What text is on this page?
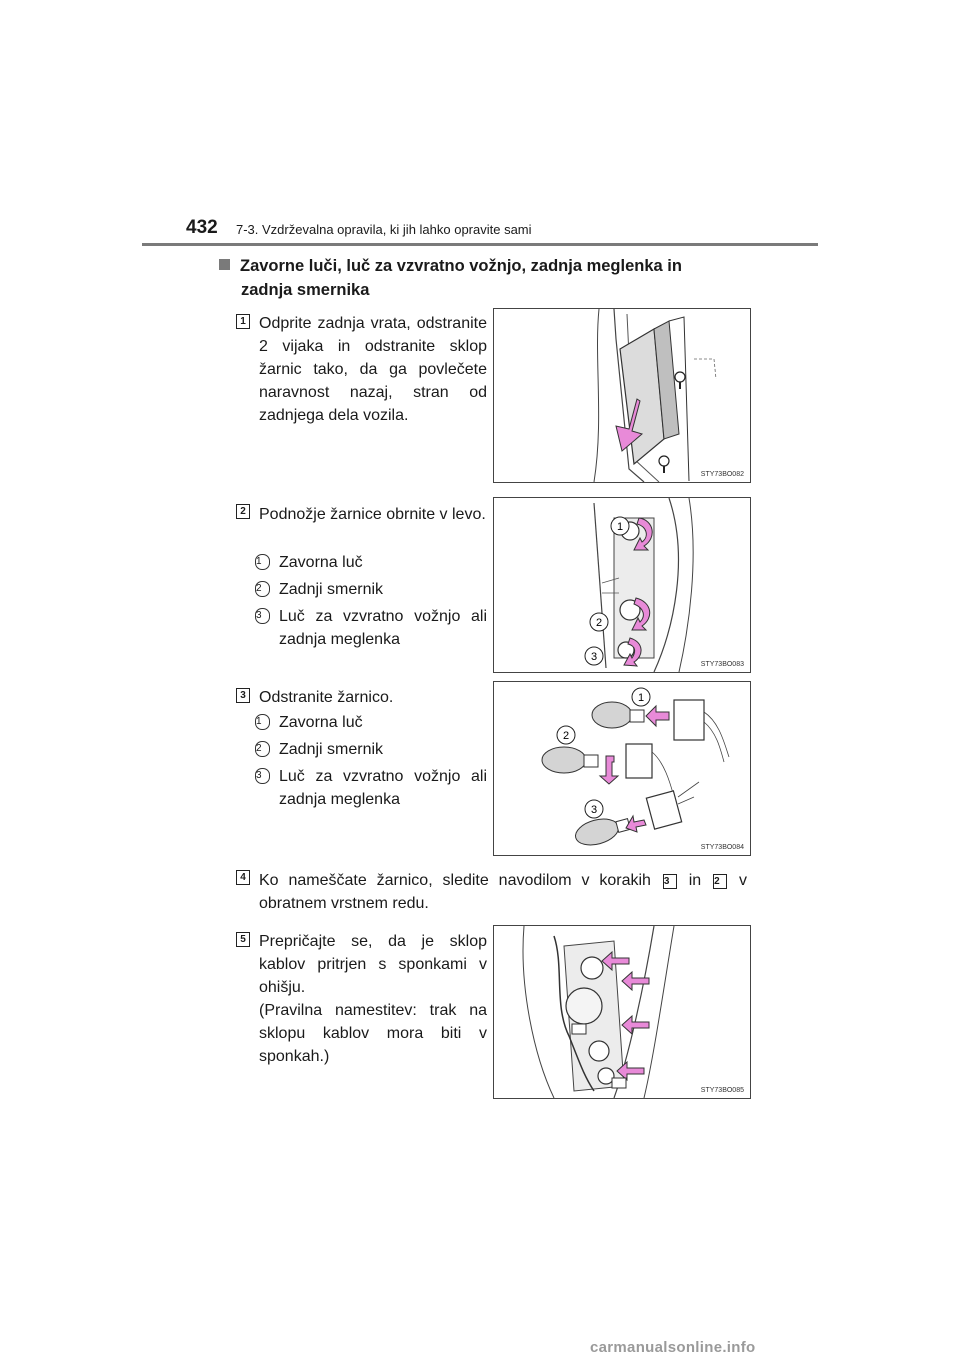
432 7-3. Vzdrževalna opravila, ki jih lahko opravite sami
Zavorne luči, luč za vzvratno vožnjo, zadnja meglenka in
zadnja smernika
1 Odprite zadnja vrata, odstranite 2 vijaka in odstranite sklop žarnic tako, da ga povlečete naravnost nazaj, stran od zadnjega dela vozila.
STY73BO082
2 Podnožje žarnice obrnite v levo.
1	Zavorna luč
2	Zadnji smernik
3	Luč za vzvratno vožnjo ali zadnja meglenka
1
2
3
STY73BO083
3 Odstranite žarnico.
1	Zavorna luč
2	Zadnji smernik
3	Luč za vzvratno vožnjo ali zadnja meglenka
1
2
3
STY73BO084
4 Ko nameščate žarnico, sledite navodilom v korakih 3 in 2 v obratnem vrstnem redu.
5 Prepričajte se, da je sklop kablov pritrjen s sponkami v ohišju.
(Pravilna namestitev: trak na sklopu kablov mora biti v sponkah.)
STY73BO085
carmanualsonline.info
